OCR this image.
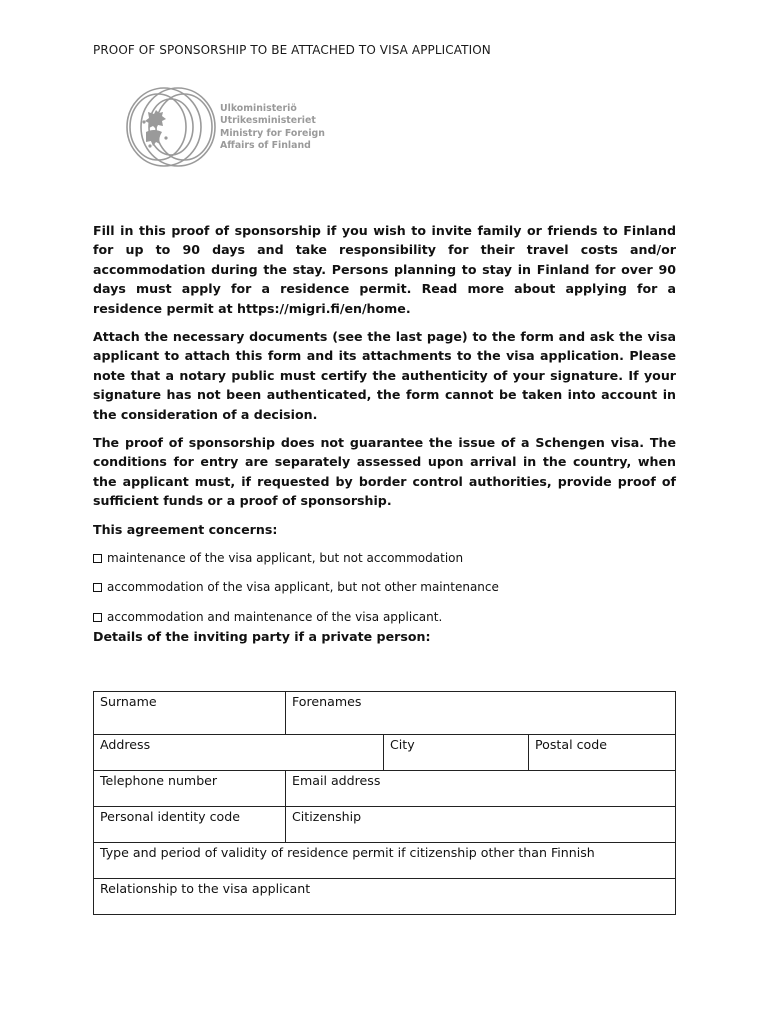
PROOF OF SPONSORSHIP TO BE ATTACHED TO VISA APPLICATION
Ulkoministeriö
Utrikesministeriet
Ministry for Foreign
Affairs of Finland

Fill in this proof of sponsorship if you wish to invite family or friends to Finland for up to 90 days and take responsibility for their travel costs and/or accommodation during the stay. Persons planning to stay in Finland for over 90 days must apply for a residence permit. Read more about applying for a residence permit at https://migri.fi/en/home.

Attach the necessary documents (see the last page) to the form and ask the visa applicant to attach this form and its attachments to the visa application. Please note that a notary public must certify the authenticity of your signature. If your signature has not been authenticated, the form cannot be taken into account in the consideration of a decision.

The proof of sponsorship does not guarantee the issue of a Schengen visa. The conditions for entry are separately assessed upon arrival in the country, when the applicant must, if requested by border control authorities, provide proof of sufficient funds or a proof of sponsorship.

This agreement concerns:
maintenance of the visa applicant, but not accommodation
accommodation of the visa applicant, but not other maintenance
accommodation and maintenance of the visa applicant.
Details of the inviting party if a private person:
Surname	Forenames		

Address		City	Postal code

Telephone number	Email address		

Personal identity code	Citizenship		

Type and period of validity of residence permit if citizenship other than Finnish			

Relationship to the visa applicant			
